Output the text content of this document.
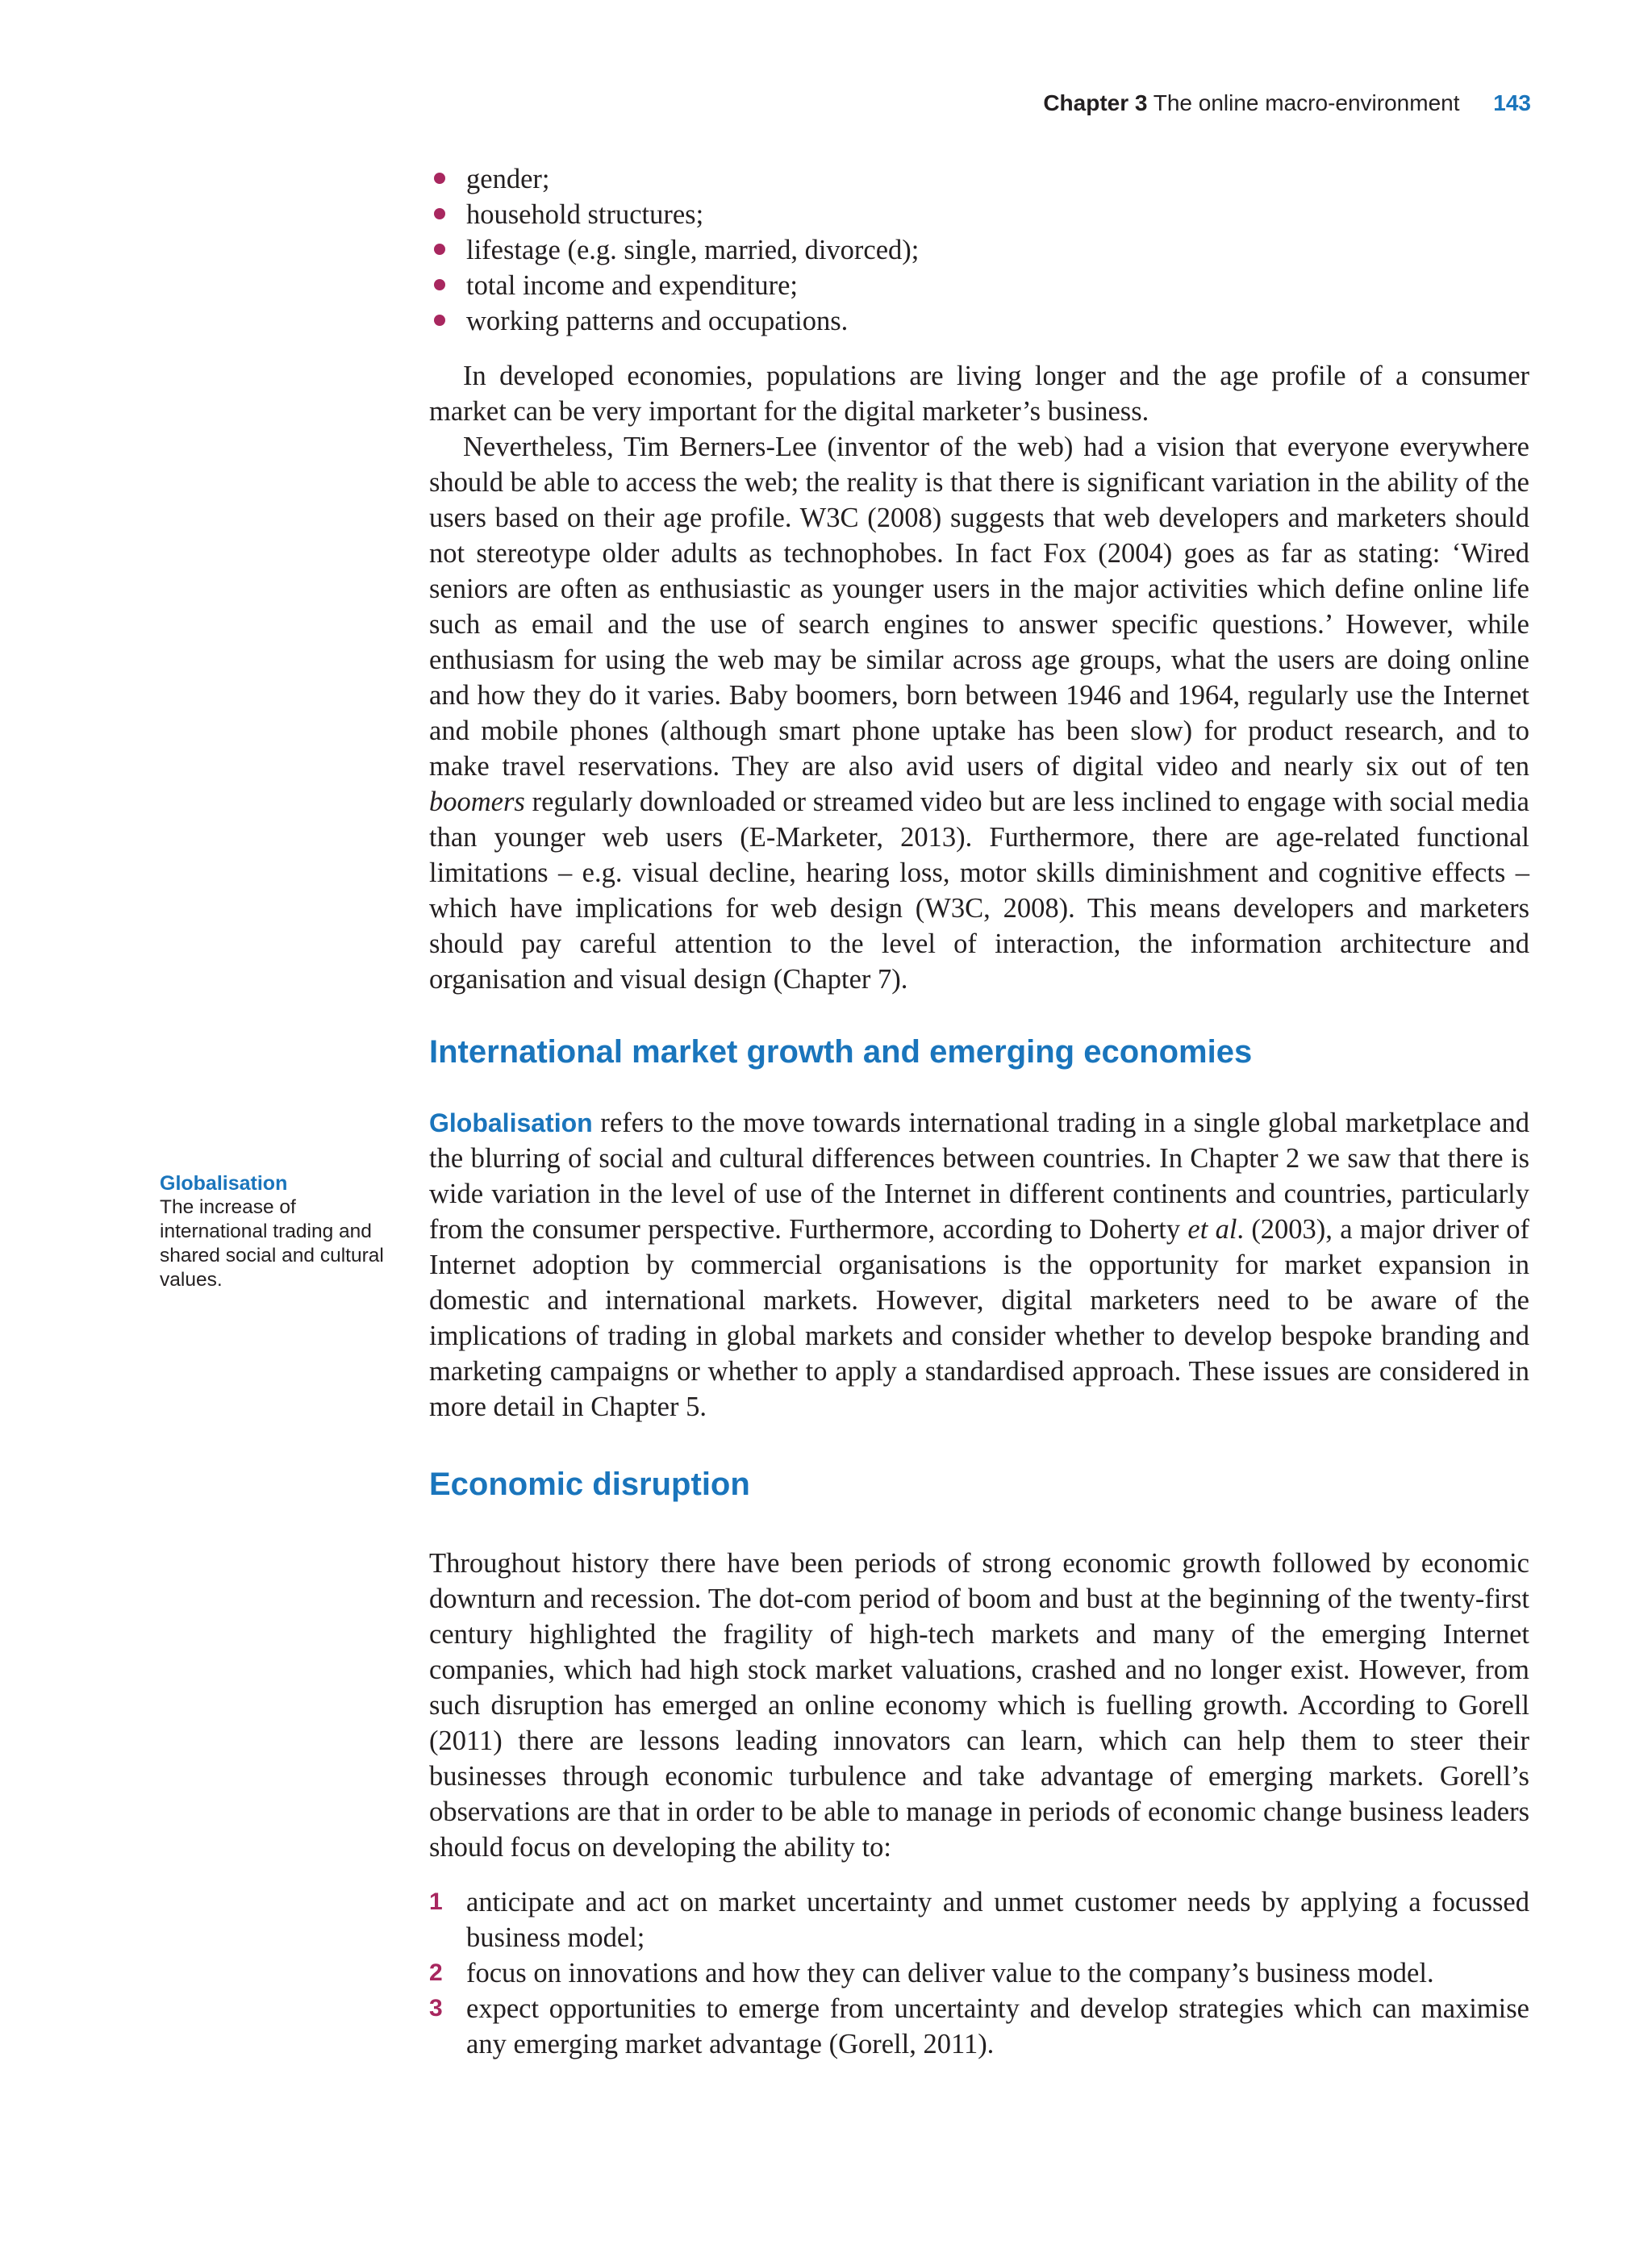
Chapter 3 The online macro-environment 143
Globalisation
The increase of international trading and shared social and cultural values.
gender;
household structures;
lifestage (e.g. single, married, divorced);
total income and expenditure;
working patterns and occupations.

In developed economies, populations are living longer and the age profile of a consumer market can be very important for the digital marketer’s business.

Nevertheless, Tim Berners-Lee (inventor of the web) had a vision that everyone everywhere should be able to access the web; the reality is that there is significant variation in the ability of the users based on their age profile. W3C (2008) suggests that web developers and marketers should not stereotype older adults as technophobes. In fact Fox (2004) goes as far as stating: ‘Wired seniors are often as enthusiastic as younger users in the major activities which define online life such as email and the use of search engines to answer specific questions.’ However, while enthusiasm for using the web may be similar across age groups, what the users are doing online and how they do it varies. Baby boomers, born between 1946 and 1964, regularly use the Internet and mobile phones (although smart phone uptake has been slow) for product research, and to make travel reservations. They are also avid users of digital video and nearly six out of ten boomers regularly downloaded or streamed video but are less inclined to engage with social media than younger web users (E-Marketer, 2013). Furthermore, there are age-related functional limitations – e.g. visual decline, hearing loss, motor skills diminishment and cognitive effects – which have implications for web design (W3C, 2008). This means developers and marketers should pay careful attention to the level of interaction, the information architecture and organisation and visual design (Chapter 7).

International market growth and emerging economies

Globalisation refers to the move towards international trading in a single global marketplace and the blurring of social and cultural differences between countries. In Chapter 2 we saw that there is wide variation in the level of use of the Internet in different continents and countries, particularly from the consumer perspective. Furthermore, according to Doherty et al. (2003), a major driver of Internet adoption by commercial organisations is the opportunity for market expansion in domestic and international markets. However, digital marketers need to be aware of the implications of trading in global markets and consider whether to develop bespoke branding and marketing campaigns or whether to apply a standardised approach. These issues are considered in more detail in Chapter 5.

Economic disruption

Throughout history there have been periods of strong economic growth followed by economic downturn and recession. The dot-com period of boom and bust at the beginning of the twenty-first century highlighted the fragility of high-tech markets and many of the emerging Internet companies, which had high stock market valuations, crashed and no longer exist. However, from such disruption has emerged an online economy which is fuelling growth. According to Gorell (2011) there are lessons leading innovators can learn, which can help them to steer their businesses through economic turbulence and take advantage of emerging markets. Gorell’s observations are that in order to be able to manage in periods of economic change business leaders should focus on developing the ability to:

1 anticipate and act on market uncertainty and unmet customer needs by applying a focussed business model;
2 focus on innovations and how they can deliver value to the company’s business model.
3 expect opportunities to emerge from uncertainty and develop strategies which can maximise any emerging market advantage (Gorell, 2011).
